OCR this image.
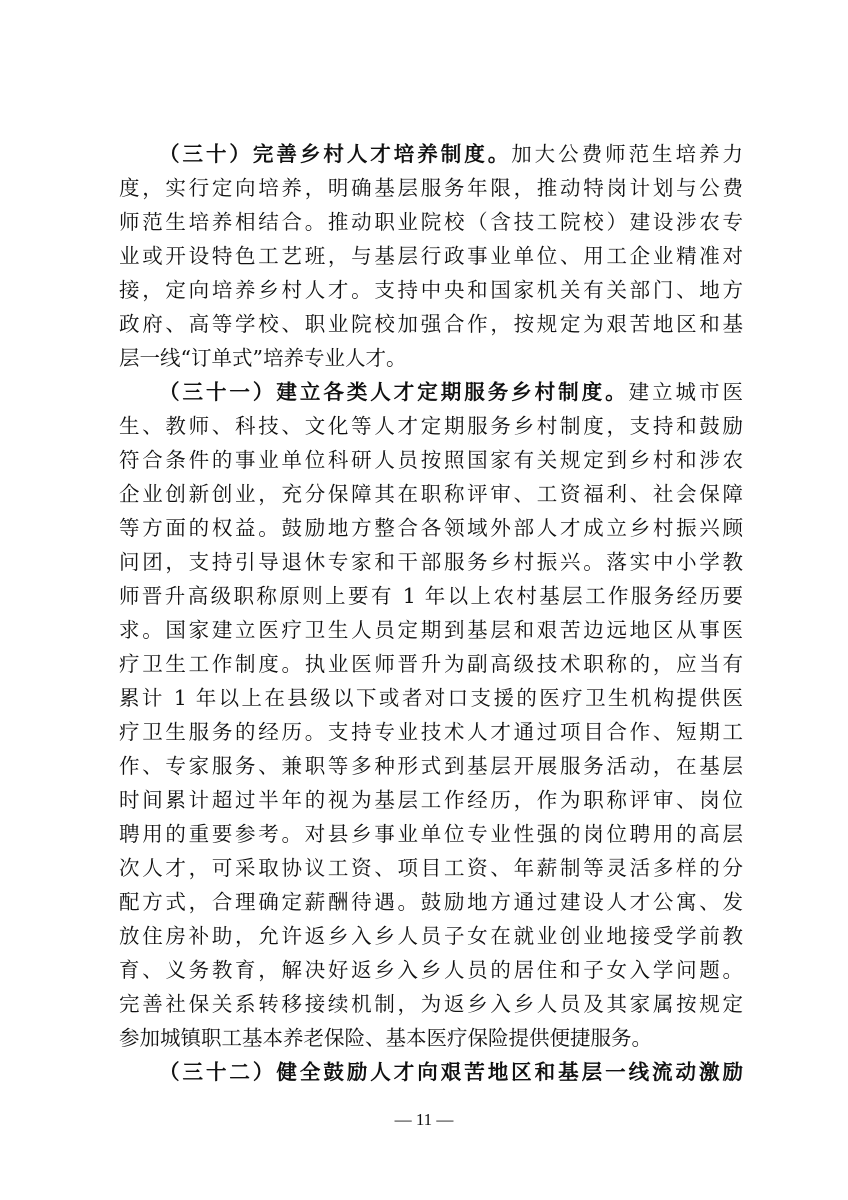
（三十）完善乡村人才培养制度。加大公费师范生培养力
度，实行定向培养，明确基层服务年限，推动特岗计划与公费
师范生培养相结合。推动职业院校（含技工院校）建设涉农专
业或开设特色工艺班，与基层行政事业单位、用工企业精准对
接，定向培养乡村人才。支持中央和国家机关有关部门、地方
政府、高等学校、职业院校加强合作，按规定为艰苦地区和基
层一线“订单式”培养专业人才。
（三十一）建立各类人才定期服务乡村制度。建立城市医
生、教师、科技、文化等人才定期服务乡村制度，支持和鼓励
符合条件的事业单位科研人员按照国家有关规定到乡村和涉农
企业创新创业，充分保障其在职称评审、工资福利、社会保障
等方面的权益。鼓励地方整合各领域外部人才成立乡村振兴顾
问团，支持引导退休专家和干部服务乡村振兴。落实中小学教
师晋升高级职称原则上要有 1 年以上农村基层工作服务经历要
求。国家建立医疗卫生人员定期到基层和艰苦边远地区从事医
疗卫生工作制度。执业医师晋升为副高级技术职称的，应当有
累计 1 年以上在县级以下或者对口支援的医疗卫生机构提供医
疗卫生服务的经历。支持专业技术人才通过项目合作、短期工
作、专家服务、兼职等多种形式到基层开展服务活动，在基层
时间累计超过半年的视为基层工作经历，作为职称评审、岗位
聘用的重要参考。对县乡事业单位专业性强的岗位聘用的高层
次人才，可采取协议工资、项目工资、年薪制等灵活多样的分
配方式，合理确定薪酬待遇。鼓励地方通过建设人才公寓、发
放住房补助，允许返乡入乡人员子女在就业创业地接受学前教
育、义务教育，解决好返乡入乡人员的居住和子女入学问题。
完善社保关系转移接续机制，为返乡入乡人员及其家属按规定
参加城镇职工基本养老保险、基本医疗保险提供便捷服务。
（三十二）健全鼓励人才向艰苦地区和基层一线流动激励
— 11 —
